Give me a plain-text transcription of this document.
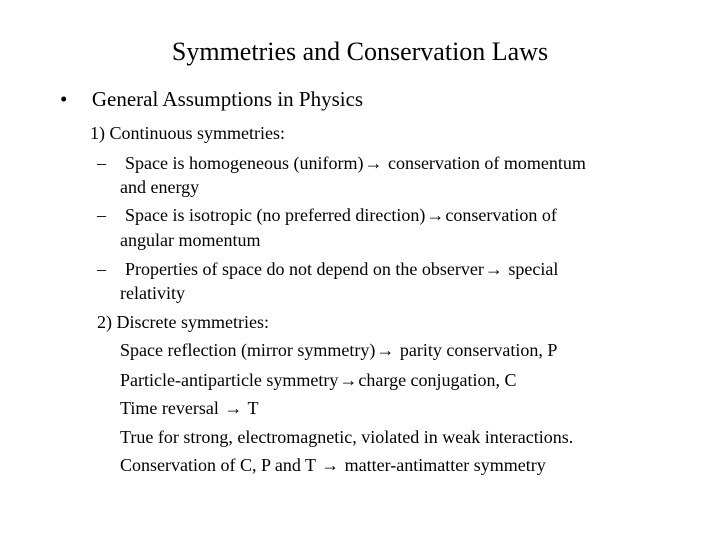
Symmetries and Conservation Laws
• General Assumptions in Physics
1) Continuous symmetries:
– Space is homogeneous (uniform)→ conservation of momentum
and energy
– Space is isotropic (no preferred direction)→conservation of
angular momentum
– Properties of space do not depend on the observer→ special
relativity
2) Discrete symmetries:
Space reflection (mirror symmetry)→ parity conservation, P
Particle-antiparticle symmetry→charge conjugation, C
Time reversal → T
True for strong, electromagnetic, violated in weak interactions.
Conservation of C, P and T → matter-antimatter symmetry
